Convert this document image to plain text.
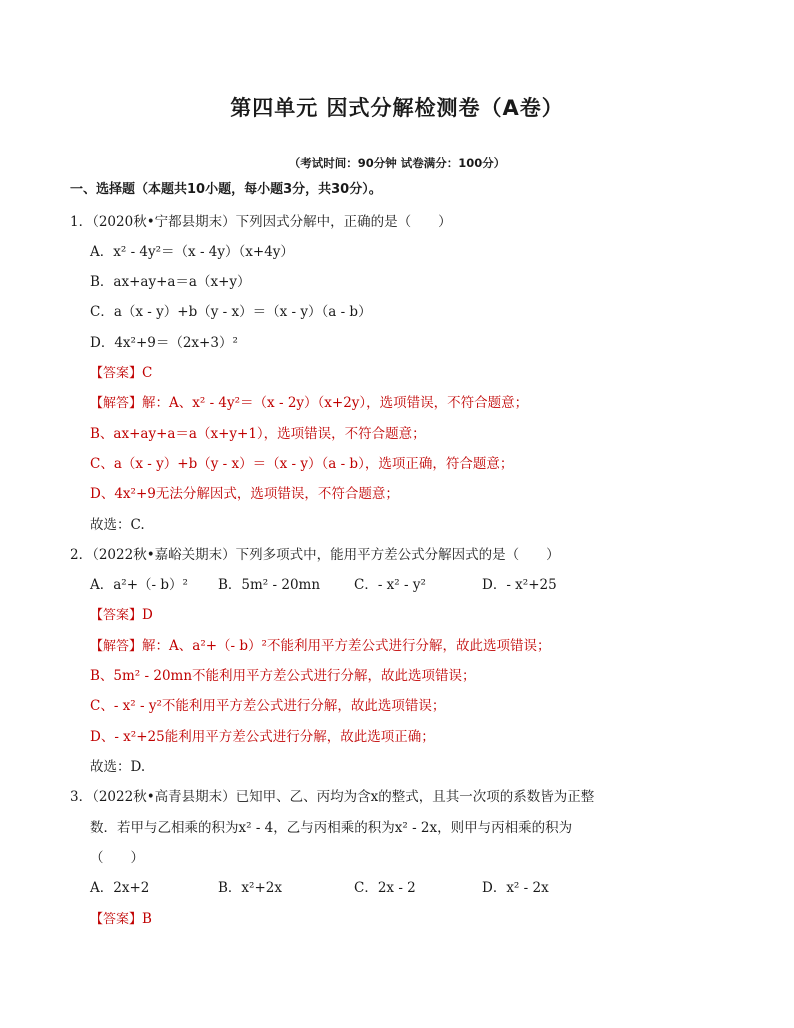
第四单元 因式分解检测卷（A卷）
（考试时间：90分钟 试卷满分：100分）
一、选择题（本题共10小题，每小题3分，共30分）。
1．（2020秋•宁都县期末）下列因式分解中，正确的是（　　）
A．x² - 4y²＝（x - 4y）（x+4y）
B．ax+ay+a＝a（x+y）
C．a（x - y）+b（y - x）＝（x - y）（a - b）
D．4x²+9＝（2x+3）²
【答案】C
【解答】解：A、x² - 4y²＝（x - 2y）（x+2y），选项错误，不符合题意；
B、ax+ay+a＝a（x+y+1），选项错误，不符合题意；
C、a（x - y）+b（y - x）＝（x - y）（a - b），选项正确，符合题意；
D、4x²+9无法分解因式，选项错误，不符合题意；
故选：C.
2．（2022秋•嘉峪关期末）下列多项式中，能用平方差公式分解因式的是（　　）
A．a²+（- b）² B．5m² - 20mn	C．- x² - y²	D．- x²+25
【答案】D
【解答】解：A、a²+（- b）²不能利用平方差公式进行分解，故此选项错误；
B、5m² - 20mn不能利用平方差公式进行分解，故此选项错误；
C、- x² - y²不能利用平方差公式进行分解，故此选项错误；
D、- x²+25能利用平方差公式进行分解，故此选项正确；
故选：D.
3．（2022秋•高青县期末）已知甲、乙、丙均为含x的整式，且其一次项的系数皆为正整
数．若甲与乙相乘的积为x² - 4，乙与丙相乘的积为x² - 2x，则甲与丙相乘的积为
（　　）
A．2x+2	B．x²+2x	C．2x - 2	D．x² - 2x
【答案】B
